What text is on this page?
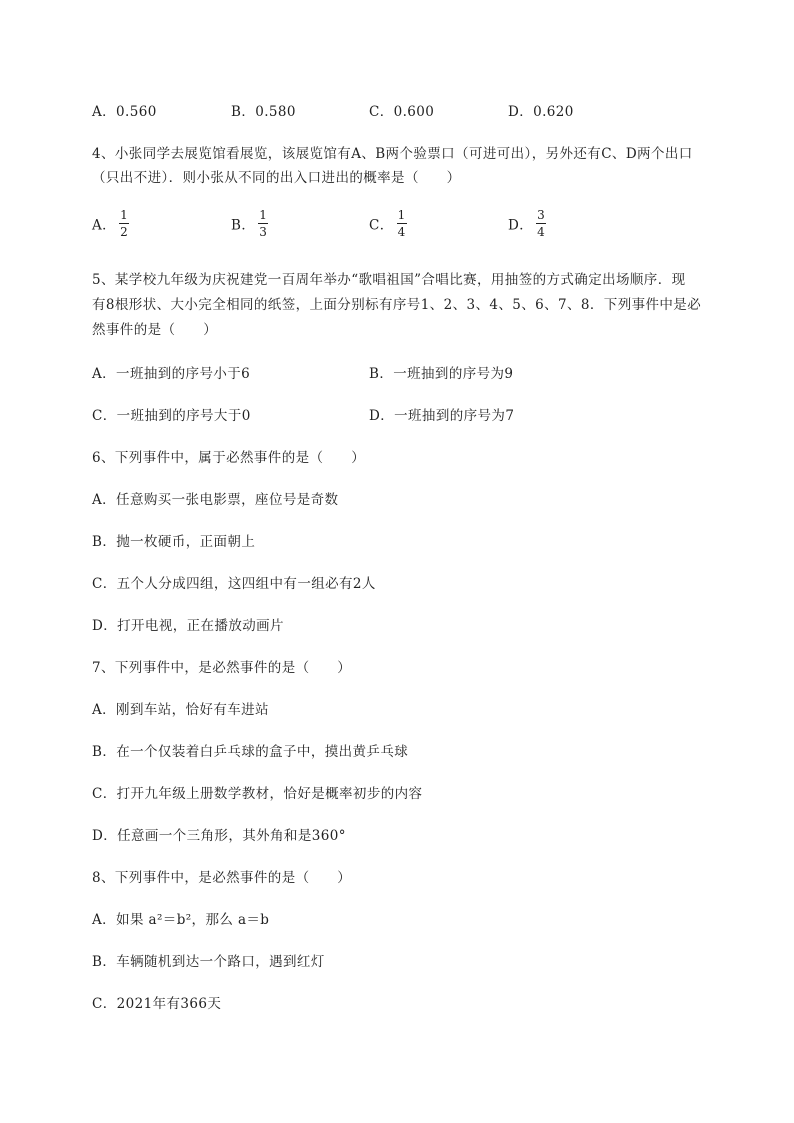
A．0.560	B．0.580	C．0.600	D．0.620
4、小张同学去展览馆看展览，该展览馆有A、B两个验票口（可进可出），另外还有C、D两个出口
（只出不进）．则小张从不同的出入口进出的概率是（　　）
A． $\frac{1}{2}$	B． $\frac{1}{3}$	C． $\frac{1}{4}$	D． $\frac{3}{4}$
5、某学校九年级为庆祝建党一百周年举办“歌唱祖国”合唱比赛，用抽签的方式确定出场顺序．现
有8根形状、大小完全相同的纸签，上面分别标有序号1、2、3、4、5、6、7、8．下列事件中是必
然事件的是（　　）
A．一班抽到的序号小于6	B．一班抽到的序号为9
C．一班抽到的序号大于0	D．一班抽到的序号为7
6、下列事件中，属于必然事件的是（　　）
A．任意购买一张电影票，座位号是奇数
B．抛一枚硬币，正面朝上
C．五个人分成四组，这四组中有一组必有2人
D．打开电视，正在播放动画片
7、下列事件中，是必然事件的是（　　）
A．刚到车站，恰好有车进站
B．在一个仅装着白乒乓球的盒子中，摸出黄乒乓球
C．打开九年级上册数学教材，恰好是概率初步的内容
D．任意画一个三角形，其外角和是360°
8、下列事件中，是必然事件的是（　　）
A．如果 a²＝b²，那么 a＝b
B．车辆随机到达一个路口，遇到红灯
C．2021年有366天
